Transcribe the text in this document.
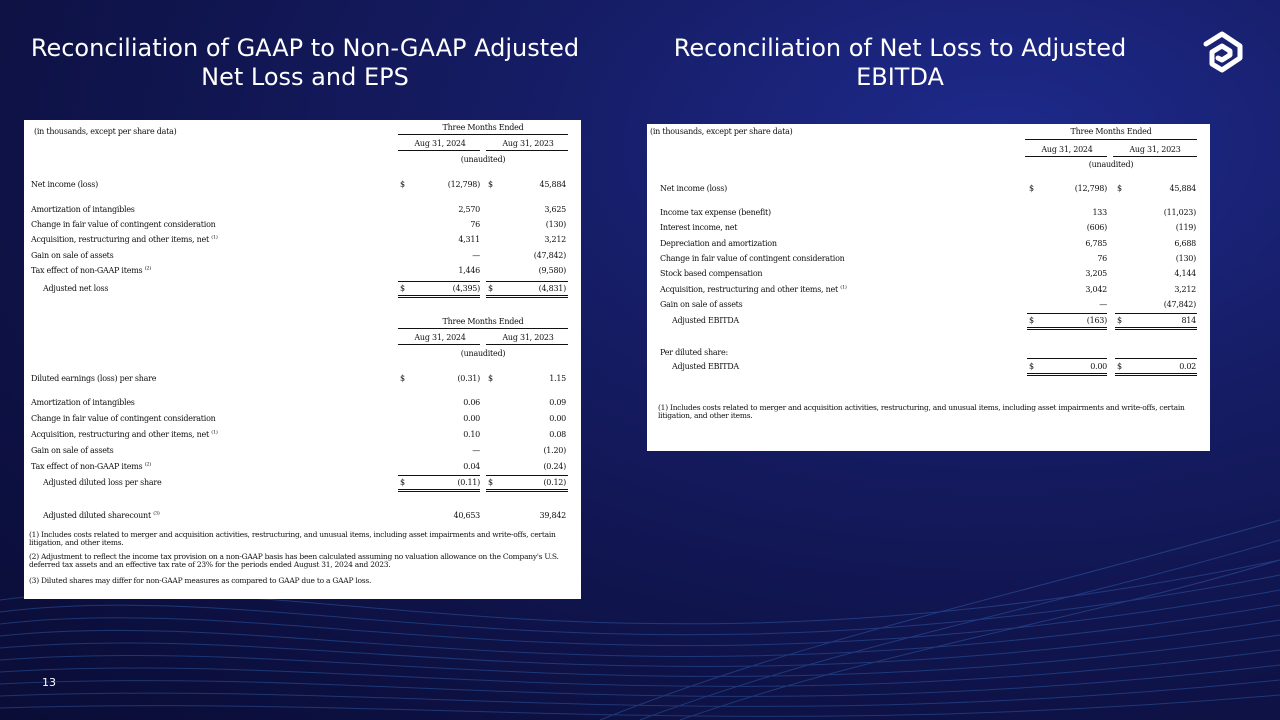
Reconciliation of GAAP to Non-GAAP Adjusted Net Loss and EPS
Reconciliation of Net Loss to Adjusted EBITDA
13
(in thousands, except per share data)	Three Months Ended
Aug 31, 2024	Aug 31, 2023
(unaudited)
Net income (loss)	$	(12,798) $	45,884
Amortization of intangibles	2,570	3,625
Change in fair value of contingent consideration	76	(130)
Acquisition, restructuring and other items, net $^{(1)}$	4,311	3,212
Gain on sale of assets	—	(47,842)
Tax effect of non-GAAP items $^{(2)}$	1,446	(9,580)
Adjusted net loss	$	(4,395) $	(4,831)
Three Months Ended
Aug 31, 2024	Aug 31, 2023
(unaudited)
Diluted earnings (loss) per share	$	(0.31) $	1.15
Amortization of intangibles	0.06	0.09
Change in fair value of contingent consideration	0.00	0.00
Acquisition, restructuring and other items, net $^{(1)}$	0.10	0.08
Gain on sale of assets	—	(1.20)
Tax effect of non-GAAP items $^{(2)}$	0.04	(0.24)
Adjusted diluted loss per share	$	(0.11) $	(0.12)
Adjusted diluted sharecount $^{(3)}$	40,653	39,842
(1) Includes costs related to merger and acquisition activities, restructuring, and unusual items, including asset impairments and write-offs, certain litigation, and other items.
(2) Adjustment to reflect the income tax provision on a non-GAAP basis has been calculated assuming no valuation allowance on the Company's U.S. deferred tax assets and an effective tax rate of 23% for the periods ended August 31, 2024 and 2023.
(3) Diluted shares may differ for non-GAAP measures as compared to GAAP due to a GAAP loss.
(in thousands, except per share data)	Three Months Ended
Aug 31, 2024	Aug 31, 2023
(unaudited)
Net income (loss)	$	(12,798) $	45,884
Income tax expense (benefit)	133	(11,023)
Interest income, net	(606)	(119)
Depreciation and amortization	6,785	6,688
Change in fair value of contingent consideration	76	(130)
Stock based compensation	3,205	4,144
Acquisition, restructuring and other items, net $^{(1)}$	3,042	3,212
Gain on sale of assets	—	(47,842)
Adjusted EBITDA	$	(163) $	814
Per diluted share:
Adjusted EBITDA	$	0.00 $	0.02
(1) Includes costs related to merger and acquisition activities, restructuring, and unusual items, including asset impairments and write-offs, certain litigation, and other items.
